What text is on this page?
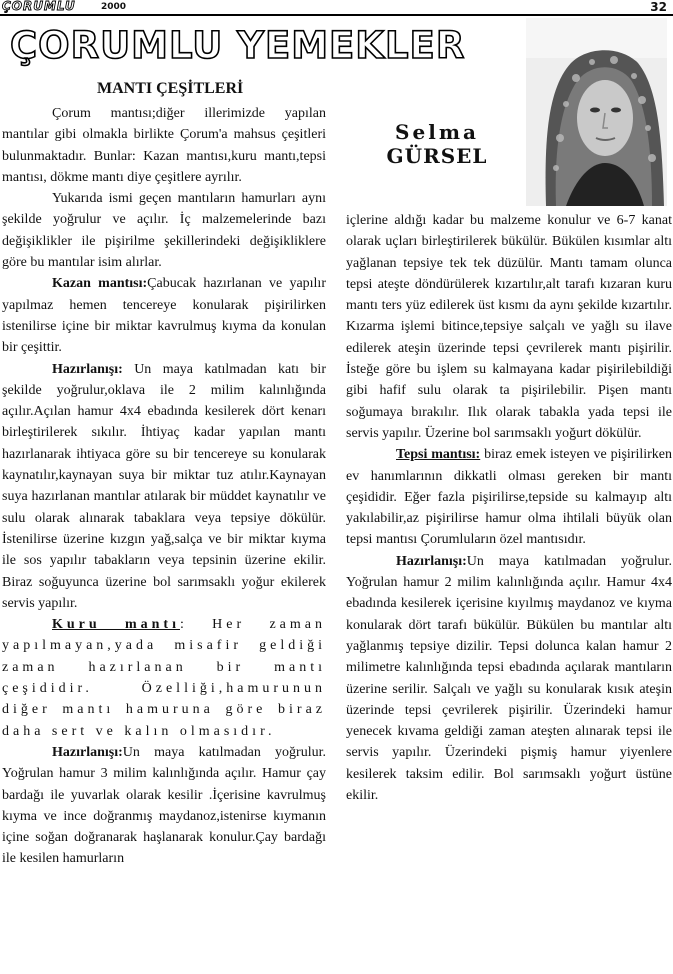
ÇORUMLU	2000	32
ÇORUMLU YEMEKLER
MANTI ÇEŞİTLERİ
Selma
GÜRSEL

Çorum mantısı;diğer illerimizde yapılan mantılar gibi olmakla birlikte Çorum'a mahsus çeşitleri bulunmaktadır. Bunlar: Kazan mantısı,kuru mantı,tepsi mantısı, dökme mantı diye çeşitlere ayrılır.

Yukarıda ismi geçen mantıların hamurları aynı şekilde yoğrulur ve açılır. İç malzemelerinde bazı değişiklikler ile pişirilme şekillerindeki değişikliklere göre bu mantılar isim alırlar.

Kazan mantısı:Çabucak hazırlanan ve yapılır yapılmaz hemen tencereye konularak pişirilirken istenilirse içine bir miktar kavrulmuş kıyma da konulan bir çeşittir.

Hazırlanışı: Un maya katılmadan katı bir şekilde yoğrulur,oklava ile 2 milim kalınlığında açılır.Açılan hamur 4x4 ebadında kesilerek dört kenarı birleştirilerek sıkılır. İhtiyaç kadar yapılan mantı hazırlanarak ihtiyaca göre su bir tencereye su konularak kaynatılır,kaynayan suya bir miktar tuz atılır.Kaynayan suya hazırlanan mantılar atılarak bir müddet kaynatılır ve sulu olarak alınarak tabaklara veya tepsiye dökülür. İstenilirse üzerine kızgın yağ,salça ve bir miktar kıyma ile sos yapılır tabakların veya tepsinin üzerine ekilir. Biraz soğuyunca üzerine bol sarımsaklı yoğur ekilerek servis yapılır.

Kuru mantı: Her zaman yapılmayan,yada misafir geldiği zaman hazırlanan bir mantı çeşididir. Özelliği,hamurunun diğer mantı hamuruna göre biraz daha sert ve kalın olmasıdır.

Hazırlanışı:Un maya katılmadan yoğrulur. Yoğrulan hamur 3 milim kalınlığında açılır. Hamur çay bardağı ile yuvarlak olarak kesilir .İçerisine kavrulmuş kıyma ve ince doğranmış maydanoz,istenirse kıymanın içine soğan doğranarak haşlanarak konulur.Çay bardağı ile kesilen hamurların

içlerine aldığı kadar bu malzeme konulur ve 6-7 kanat olarak uçları birleştirilerek bükülür. Bükülen kısımlar altı yağlanan tepsiye tek tek düzülür. Mantı tamam olunca tepsi ateşte döndürülerek kızartılır,alt tarafı kızaran kuru mantı ters yüz edilerek üst kısmı da aynı şekilde kızartılır. Kızarma işlemi bitince,tepsiye salçalı ve yağlı su ilave edilerek ateşin üzerinde tepsi çevrilerek mantı pişirilir. İsteğe göre bu işlem su kalmayana kadar pişirilebildiği gibi hafif sulu olarak ta pişirilebilir. Pişen mantı soğumaya bırakılır. Ilık olarak tabakla yada tepsi ile servis yapılır. Üzerine bol sarımsaklı yoğurt dökülür.

Tepsi mantısı: biraz emek isteyen ve pişirilirken ev hanımlarının dikkatli olması gereken bir mantı çeşididir. Eğer fazla pişirilirse,tepside su kalmayıp altı yakılabilir,az pişirilirse hamur olma ihtilali büyük olan tepsi mantısı Çorumluların özel mantısıdır.

Hazırlanışı:Un maya katılmadan yoğrulur. Yoğrulan hamur 2 milim kalınlığında açılır. Hamur 4x4 ebadında kesilerek içerisine kıyılmış maydanoz ve kıyma konularak dört tarafı bükülür. Bükülen bu mantılar altı yağlanmış tepsiye dizilir. Tepsi dolunca kalan hamur 2 milimetre kalınlığında tepsi ebadında açılarak mantıların üzerine serilir. Salçalı ve yağlı su konularak kısık ateşin üzerinde tepsi çevrilerek pişirilir. Üzerindeki hamur yenecek kıvama geldiği zaman ateşten alınarak tepsi ile servis yapılır. Üzerindeki pişmiş hamur yiyenlere kesilerek taksim edilir. Bol sarımsaklı yoğurt üstüne ekilir.
